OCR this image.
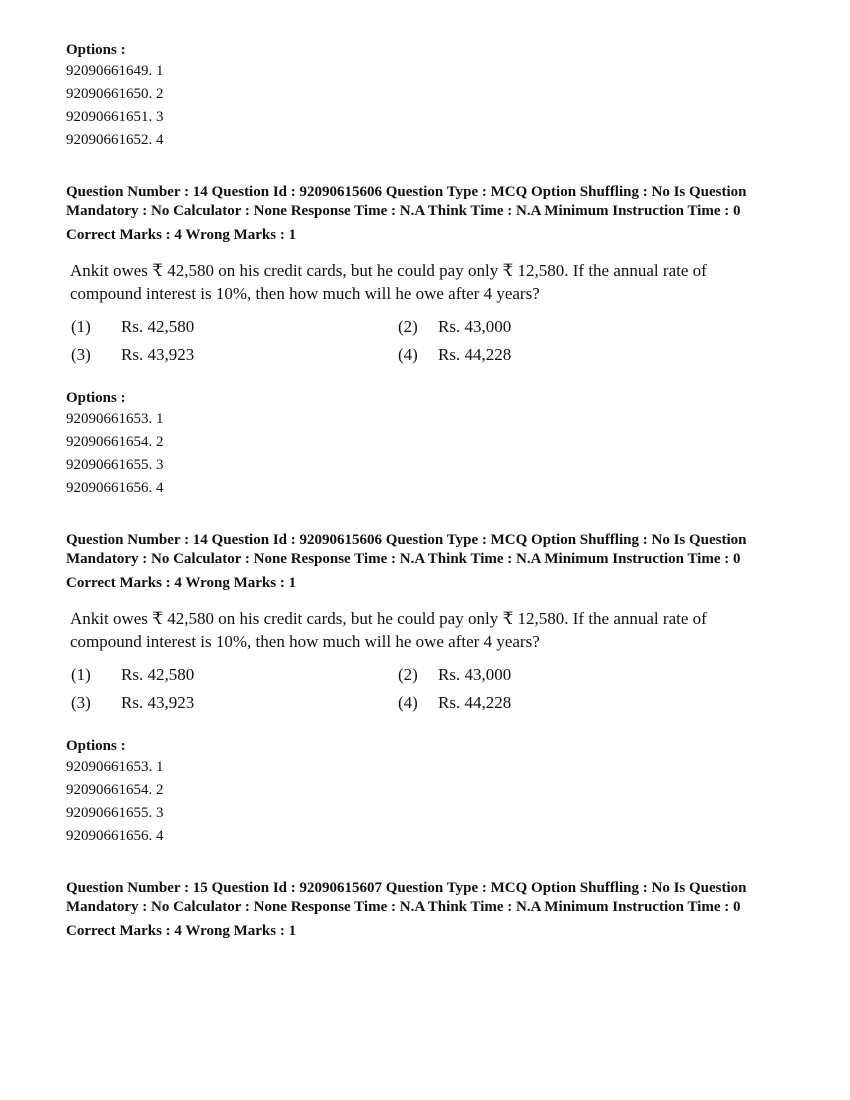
Options :
92090661649. 1
92090661650. 2
92090661651. 3
92090661652. 4
Question Number : 14 Question Id : 92090615606 Question Type : MCQ Option Shuffling : No Is Question Mandatory : No Calculator : None Response Time : N.A Think Time : N.A Minimum Instruction Time : 0
Correct Marks : 4 Wrong Marks : 1
Ankit owes ₹ 42,580 on his credit cards, but he could pay only ₹ 12,580. If the annual rate of compound interest is 10%, then how much will he owe after 4 years?
(1)	Rs. 42,580	(2)	Rs. 43,000
(3)	Rs. 43,923	(4)	Rs. 44,228
Options :
92090661653. 1
92090661654. 2
92090661655. 3
92090661656. 4
Question Number : 14 Question Id : 92090615606 Question Type : MCQ Option Shuffling : No Is Question Mandatory : No Calculator : None Response Time : N.A Think Time : N.A Minimum Instruction Time : 0
Correct Marks : 4 Wrong Marks : 1
Ankit owes ₹ 42,580 on his credit cards, but he could pay only ₹ 12,580. If the annual rate of compound interest is 10%, then how much will he owe after 4 years?
(1)	Rs. 42,580	(2)	Rs. 43,000
(3)	Rs. 43,923	(4)	Rs. 44,228
Options :
92090661653. 1
92090661654. 2
92090661655. 3
92090661656. 4
Question Number : 15 Question Id : 92090615607 Question Type : MCQ Option Shuffling : No Is Question Mandatory : No Calculator : None Response Time : N.A Think Time : N.A Minimum Instruction Time : 0
Correct Marks : 4 Wrong Marks : 1
